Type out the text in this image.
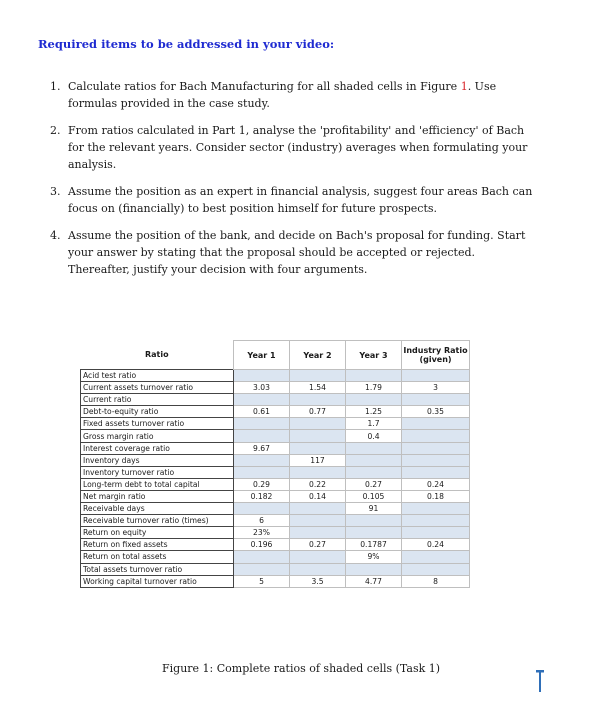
Required items to be addressed in your video:
1. Calculate ratios for Bach Manufacturing for all shaded cells in Figure 1. Use formulas provided in the case study.
2. From ratios calculated in Part 1, analyse the 'profitability' and 'efficiency' of Bach for the relevant years. Consider sector (industry) averages when formulating your analysis.
3. Assume the position as an expert in financial analysis, suggest four areas Bach can focus on (financially) to best position himself for future prospects.
4. Assume the position of the bank, and decide on Bach's proposal for funding. Start your answer by stating that the proposal should be accepted or rejected. Thereafter, justify your decision with four arguments.
Ratio	Year 1	Year 2	Year 3	Industry Ratio (given)
Acid test ratio				
Current assets turnover ratio	3.03	1.54	1.79	3
Current ratio				
Debt-to-equity ratio	0.61	0.77	1.25	0.35
Fixed assets turnover ratio			1.7	
Gross margin ratio			0.4	
Interest coverage ratio	9.67			
Inventory days		117		
Inventory turnover ratio				
Long-term debt to total capital	0.29	0.22	0.27	0.24
Net margin ratio	0.182	0.14	0.105	0.18
Receivable days			91	
Receivable turnover ratio (times)	6			
Return on equity	23%			
Return on fixed assets	0.196	0.27	0.1787	0.24
Return on total assets			9%	
Total assets turnover ratio				
Working capital turnover ratio	5	3.5	4.77	8
Figure 1: Complete ratios of shaded cells (Task 1)
